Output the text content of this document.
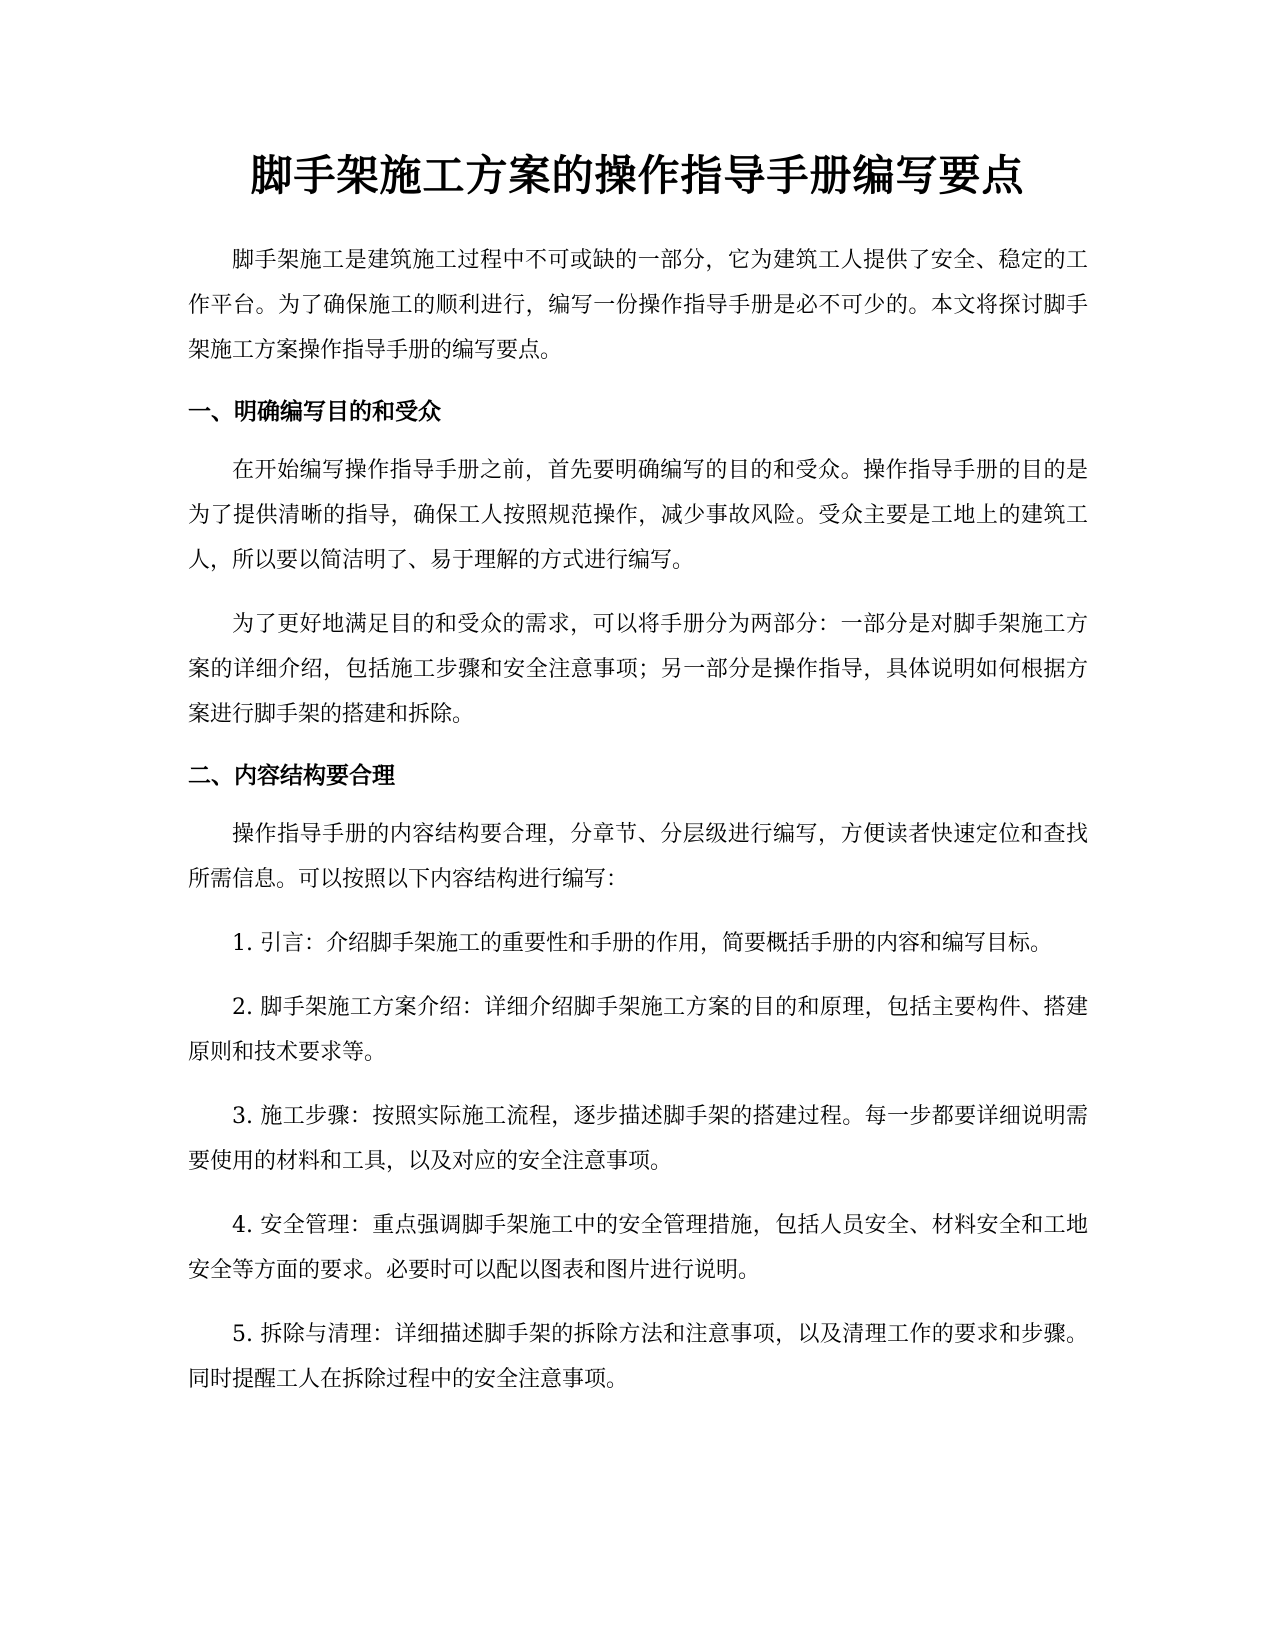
脚手架施工方案的操作指导手册编写要点

脚手架施工是建筑施工过程中不可或缺的一部分，它为建筑工人提供了安全、稳定的工作平台。为了确保施工的顺利进行，编写一份操作指导手册是必不可少的。本文将探讨脚手架施工方案操作指导手册的编写要点。

一、明确编写目的和受众

在开始编写操作指导手册之前，首先要明确编写的目的和受众。操作指导手册的目的是为了提供清晰的指导，确保工人按照规范操作，减少事故风险。受众主要是工地上的建筑工人，所以要以简洁明了、易于理解的方式进行编写。

为了更好地满足目的和受众的需求，可以将手册分为两部分：一部分是对脚手架施工方案的详细介绍，包括施工步骤和安全注意事项；另一部分是操作指导，具体说明如何根据方案进行脚手架的搭建和拆除。

二、内容结构要合理

操作指导手册的内容结构要合理，分章节、分层级进行编写，方便读者快速定位和查找所需信息。可以按照以下内容结构进行编写：

1. 引言：介绍脚手架施工的重要性和手册的作用，简要概括手册的内容和编写目标。

2. 脚手架施工方案介绍：详细介绍脚手架施工方案的目的和原理，包括主要构件、搭建原则和技术要求等。

3. 施工步骤：按照实际施工流程，逐步描述脚手架的搭建过程。每一步都要详细说明需要使用的材料和工具，以及对应的安全注意事项。

4. 安全管理：重点强调脚手架施工中的安全管理措施，包括人员安全、材料安全和工地安全等方面的要求。必要时可以配以图表和图片进行说明。

5. 拆除与清理：详细描述脚手架的拆除方法和注意事项，以及清理工作的要求和步骤。同时提醒工人在拆除过程中的安全注意事项。
